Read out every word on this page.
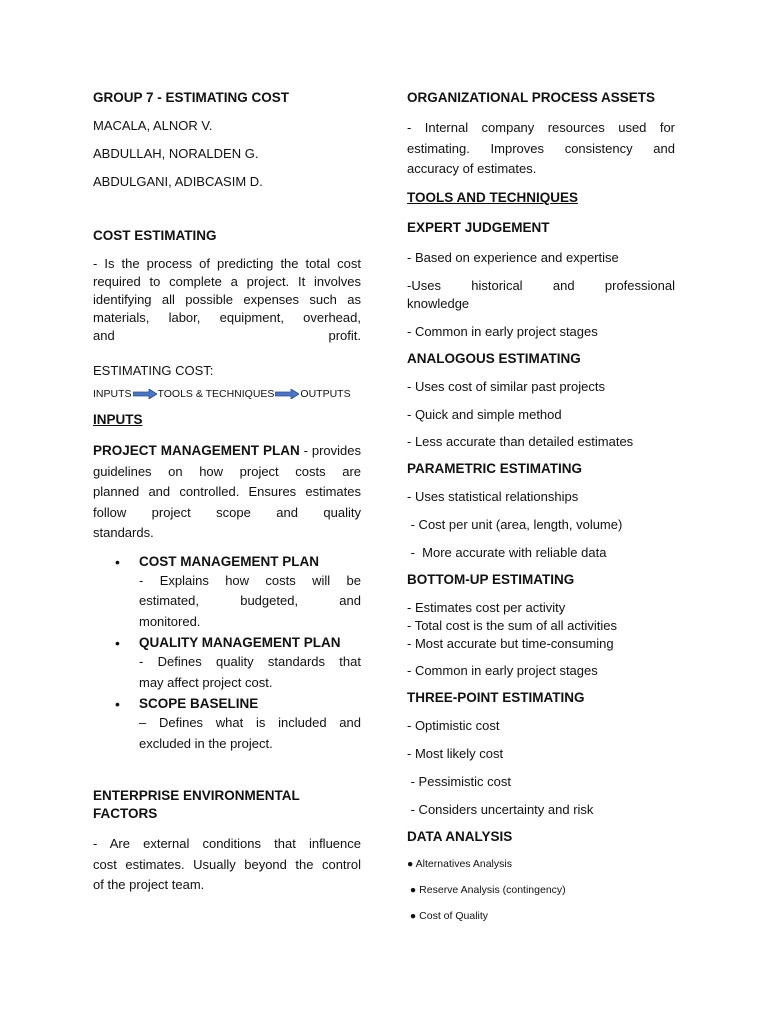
GROUP 7 - ESTIMATING COST
MACALA, ALNOR V.
ABDULLAH, NORALDEN G.
ABDULGANI, ADIBCASIM D.
COST ESTIMATING
- Is the process of predicting the total cost
required to complete a project. It involves
identifying all possible expenses such as
materials, labor, equipment, overhead,
and profit.
ESTIMATING COST:
INPUTS TOOLS & TECHNIQUES OUTPUTS
INPUTS
PROJECT MANAGEMENT PLAN - provides
guidelines on how project costs are
planned and controlled. Ensures estimates
follow project scope and quality
standards.
• COST MANAGEMENT PLAN
- Explains how costs will be
estimated, budgeted, and
monitored.
• QUALITY MANAGEMENT PLAN
- Defines quality standards that
may affect project cost.
• SCOPE BASELINE
– Defines what is included and
excluded in the project.
ENTERPRISE ENVIRONMENTAL FACTORS
- Are external conditions that influence
cost estimates. Usually beyond the control
of the project team.
ORGANIZATIONAL PROCESS ASSETS
- Internal company resources used for
estimating. Improves consistency and
accuracy of estimates.
TOOLS AND TECHNIQUES
EXPERT JUDGEMENT
- Based on experience and expertise
-Uses historical and professional
knowledge
- Common in early project stages
ANALOGOUS ESTIMATING
- Uses cost of similar past projects
- Quick and simple method
- Less accurate than detailed estimates
PARAMETRIC ESTIMATING
- Uses statistical relationships
- Cost per unit (area, length, volume)
-  More accurate with reliable data
BOTTOM-UP ESTIMATING
- Estimates cost per activity
- Total cost is the sum of all activities
- Most accurate but time-consuming
- Common in early project stages
THREE-POINT ESTIMATING
- Optimistic cost
- Most likely cost
- Pessimistic cost
- Considers uncertainty and risk
DATA ANALYSIS
● Alternatives Analysis
● Reserve Analysis (contingency)
● Cost of Quality
